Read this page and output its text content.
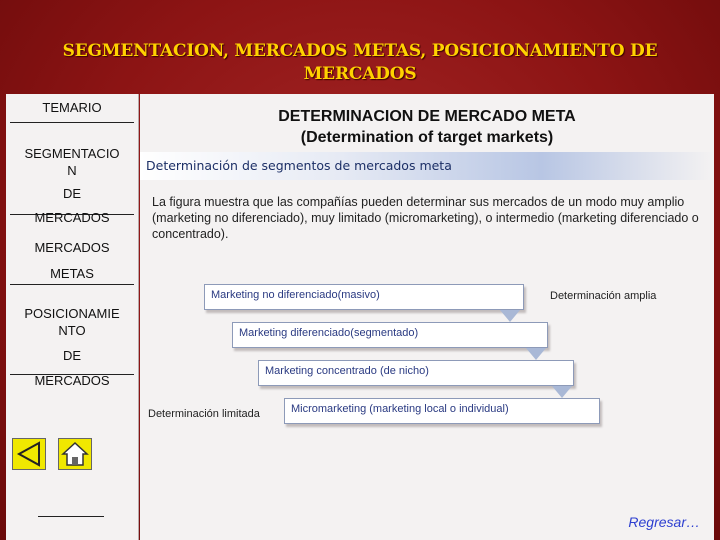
SEGMENTACION, MERCADOS METAS, POSICIONAMIENTO DE MERCADOS
TEMARIO
SEGMENTACIO
N
DE
MERCADOS
MERCADOS
METAS
POSICIONAMIE
NTO
DE
MERCADOS
DETERMINACION DE MERCADO META
(Determination of target markets)
Determinación de segmentos de mercados meta
La figura muestra que las compañías pueden determinar sus mercados de un modo muy amplio (marketing no diferenciado), muy limitado (micromarketing), o intermedio (marketing diferenciado o concentrado).
Marketing no diferenciado(masivo)
Marketing diferenciado(segmentado)
Marketing concentrado (de nicho)
Micromarketing (marketing local o individual)
Determinación amplia
Determinación limitada
Regresar…
